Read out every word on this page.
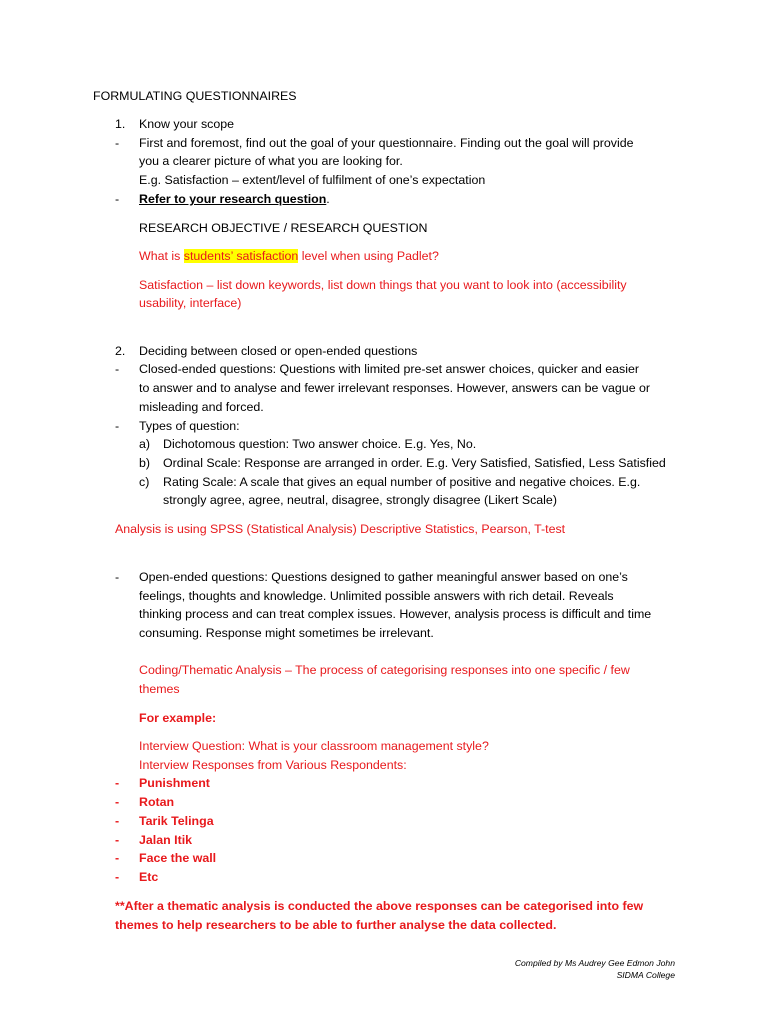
FORMULATING QUESTIONNAIRES
1. Know your scope
- First and foremost, find out the goal of your questionnaire. Finding out the goal will provide
you a clearer picture of what you are looking for.
E.g. Satisfaction – extent/level of fulfilment of one’s expectation
- Refer to your research question.
RESEARCH OBJECTIVE / RESEARCH QUESTION
What is students’ satisfaction level when using Padlet?
Satisfaction – list down keywords, list down things that you want to look into (accessibility
usability, interface)
2. Deciding between closed or open-ended questions
- Closed-ended questions: Questions with limited pre-set answer choices, quicker and easier
to answer and to analyse and fewer irrelevant responses. However, answers can be vague or
misleading and forced.
- Types of question:
a) Dichotomous question: Two answer choice. E.g. Yes, No.
b) Ordinal Scale: Response are arranged in order. E.g. Very Satisfied, Satisfied, Less Satisfied
c) Rating Scale: A scale that gives an equal number of positive and negative choices. E.g.
strongly agree, agree, neutral, disagree, strongly disagree (Likert Scale)
Analysis is using SPSS (Statistical Analysis) Descriptive Statistics, Pearson, T-test
- Open-ended questions: Questions designed to gather meaningful answer based on one’s
feelings, thoughts and knowledge. Unlimited possible answers with rich detail. Reveals
thinking process and can treat complex issues. However, analysis process is difficult and time
consuming. Response might sometimes be irrelevant.
Coding/Thematic Analysis – The process of categorising responses into one specific / few
themes
For example:
Interview Question: What is your classroom management style?
Interview Responses from Various Respondents:
- Punishment
- Rotan
- Tarik Telinga
- Jalan Itik
- Face the wall
- Etc
**After a thematic analysis is conducted the above responses can be categorised into few
themes to help researchers to be able to further analyse the data collected.
Compiled by Ms Audrey Gee Edmon John
SIDMA College
